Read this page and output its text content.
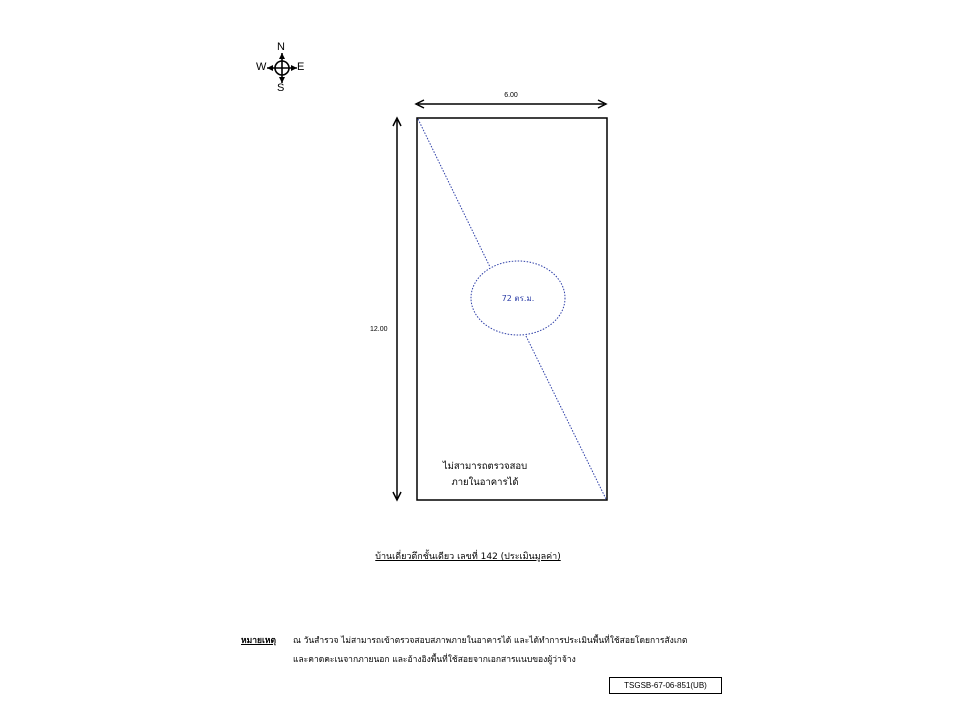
N
S
W	E
6.00
12.00
72 ตร.ม.
ไม่สามารถตรวจสอบ
ภายในอาคารได้
บ้านเดี่ยวตึกชั้นเดียว เลขที่ 142 (ประเมินมูลค่า)
หมายเหตุ ณ วันสำรวจ ไม่สามารถเข้าตรวจสอบสภาพภายในอาคารได้ และได้ทำการประเมินพื้นที่ใช้สอยโดยการสังเกต
และคาดคะเนจากภายนอก และอ้างอิงพื้นที่ใช้สอยจากเอกสารแนบของผู้ว่าจ้าง
TSGSB-67-06-851(UB)
